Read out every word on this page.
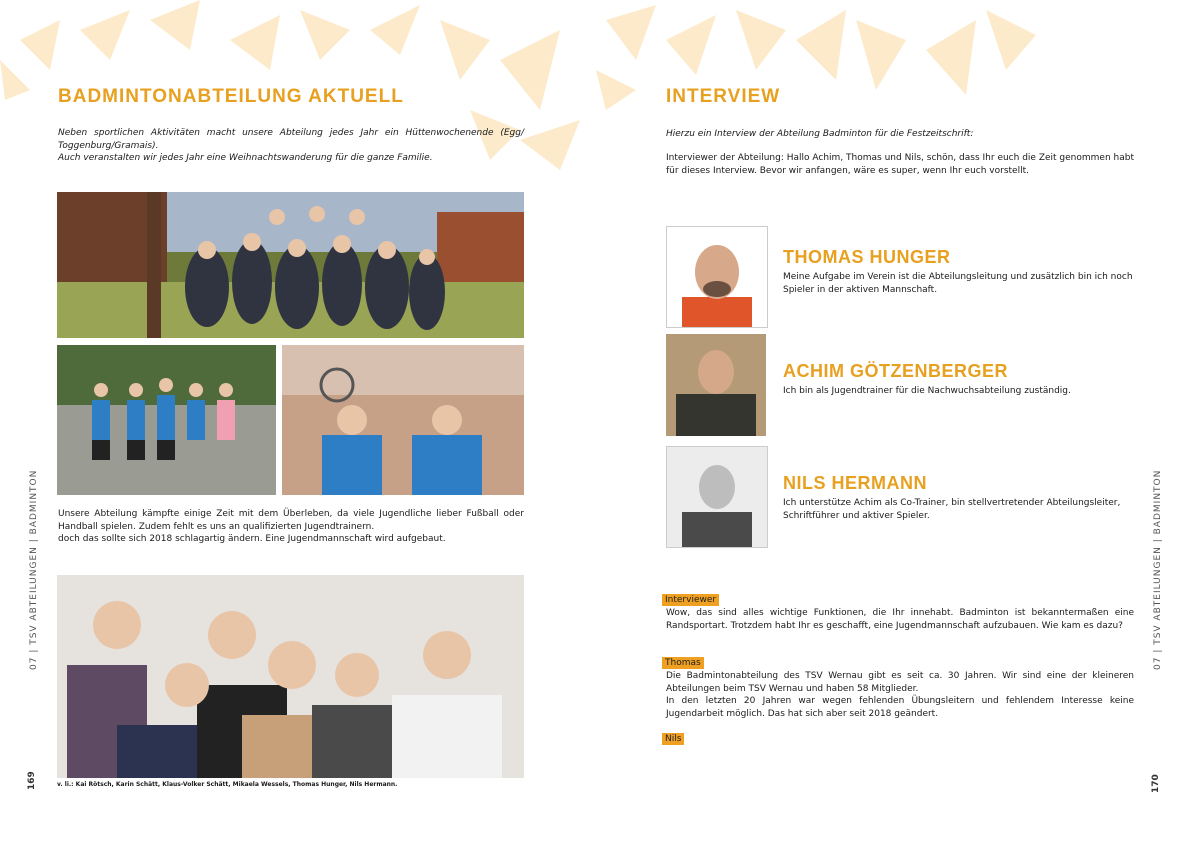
BADMINTONABTEILUNG AKTUELL

Neben sportlichen Aktivitäten macht unsere Abteilung jedes Jahr ein Hüttenwochenende (Egg/ Toggenburg/Gramais).
Auch veranstalten wir jedes Jahr eine Weihnachtswanderung für die ganze Familie.

Unsere Abteilung kämpfte einige Zeit mit dem Überleben, da viele Jugendliche lieber Fußball oder Handball spielen. Zudem fehlt es uns an qualifizierten Jugendtrainern.
doch das sollte sich 2018 schlagartig ändern. Eine Jugendmannschaft wird aufgebaut.

v. li.: Kai Rötsch, Karin Schätt, Klaus-Volker Schätt, Mikaela Wessels, Thomas Hunger, Nils Hermann.
07 | TSV ABTEILUNGEN | BADMINTON
169
INTERVIEW

Hierzu ein Interview der Abteilung Badminton für die Festzeitschrift:

Interviewer der Abteilung: Hallo Achim, Thomas und Nils, schön, dass Ihr euch die Zeit genommen habt für dieses Interview. Bevor wir anfangen, wäre es super, wenn Ihr euch vorstellt.

THOMAS HUNGER

Meine Aufgabe im Verein ist die Abteilungsleitung und zusätzlich bin ich noch Spieler in der aktiven Mannschaft.

ACHIM GÖTZENBERGER

Ich bin als Jugendtrainer für die Nachwuchsabteilung zuständig.

NILS HERMANN

Ich unterstütze Achim als Co-Trainer, bin stellvertretender Abteilungsleiter, Schriftführer und aktiver Spieler.

Interviewer

Wow, das sind alles wichtige Funktionen, die Ihr innehabt. Badminton ist bekanntermaßen eine Randsportart. Trotzdem habt Ihr es geschafft, eine Jugendmannschaft aufzubauen. Wie kam es dazu?

Thomas

Die Badmintonabteilung des TSV Wernau gibt es seit ca. 30 Jahren. Wir sind eine der kleineren Abteilungen beim TSV Wernau und haben 58 Mitglieder.
In den letzten 20 Jahren war wegen fehlenden Übungsleitern und fehlendem Interesse keine Jugendarbeit möglich. Das hat sich aber seit 2018 geändert.

Nils
07 | TSV ABTEILUNGEN | BADMINTON
170
